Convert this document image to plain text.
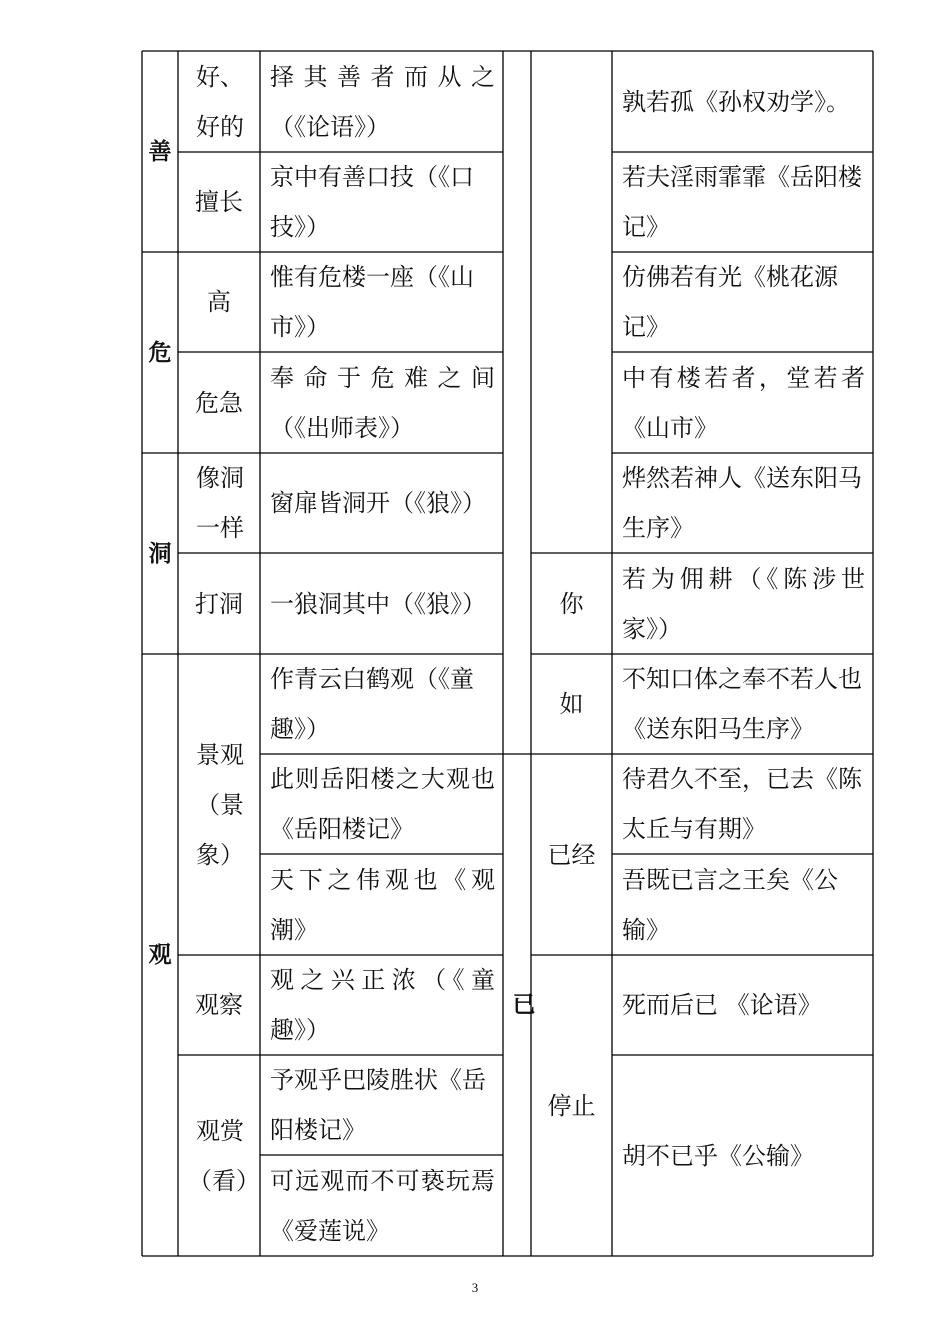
善
危
洞
观
好、好的
擅长
高
危急
像洞一样
打洞
景观（景象）
观察
观赏（看）
择其善者而从之（《论语》）
京中有善口技（《口技》）
惟有危楼一座（《山市》）
奉命于危难之间（《出师表》）
窗扉皆洞开（《狼》）
一狼洞其中（《狼》）
作青云白鹤观（《童趣》）
此则岳阳楼之大观也《岳阳楼记》
天下之伟观也《观潮》
观之兴正浓（《童趣》）
予观乎巴陵胜状《岳阳楼记》
可远观而不可亵玩焉《爱莲说》
已
你
如
已经
停止
孰若孤《孙权劝学》。
若夫淫雨霏霏《岳阳楼记》
仿佛若有光《桃花源记》
中有楼若者，堂若者《山市》
烨然若神人《送东阳马生序》
若为佣耕（《陈涉世家》）
不知口体之奉不若人也《送东阳马生序》
待君久不至，已去《陈太丘与有期》
吾既已言之王矣《公输》
死而后已 《论语》
胡不已乎《公输》
3
